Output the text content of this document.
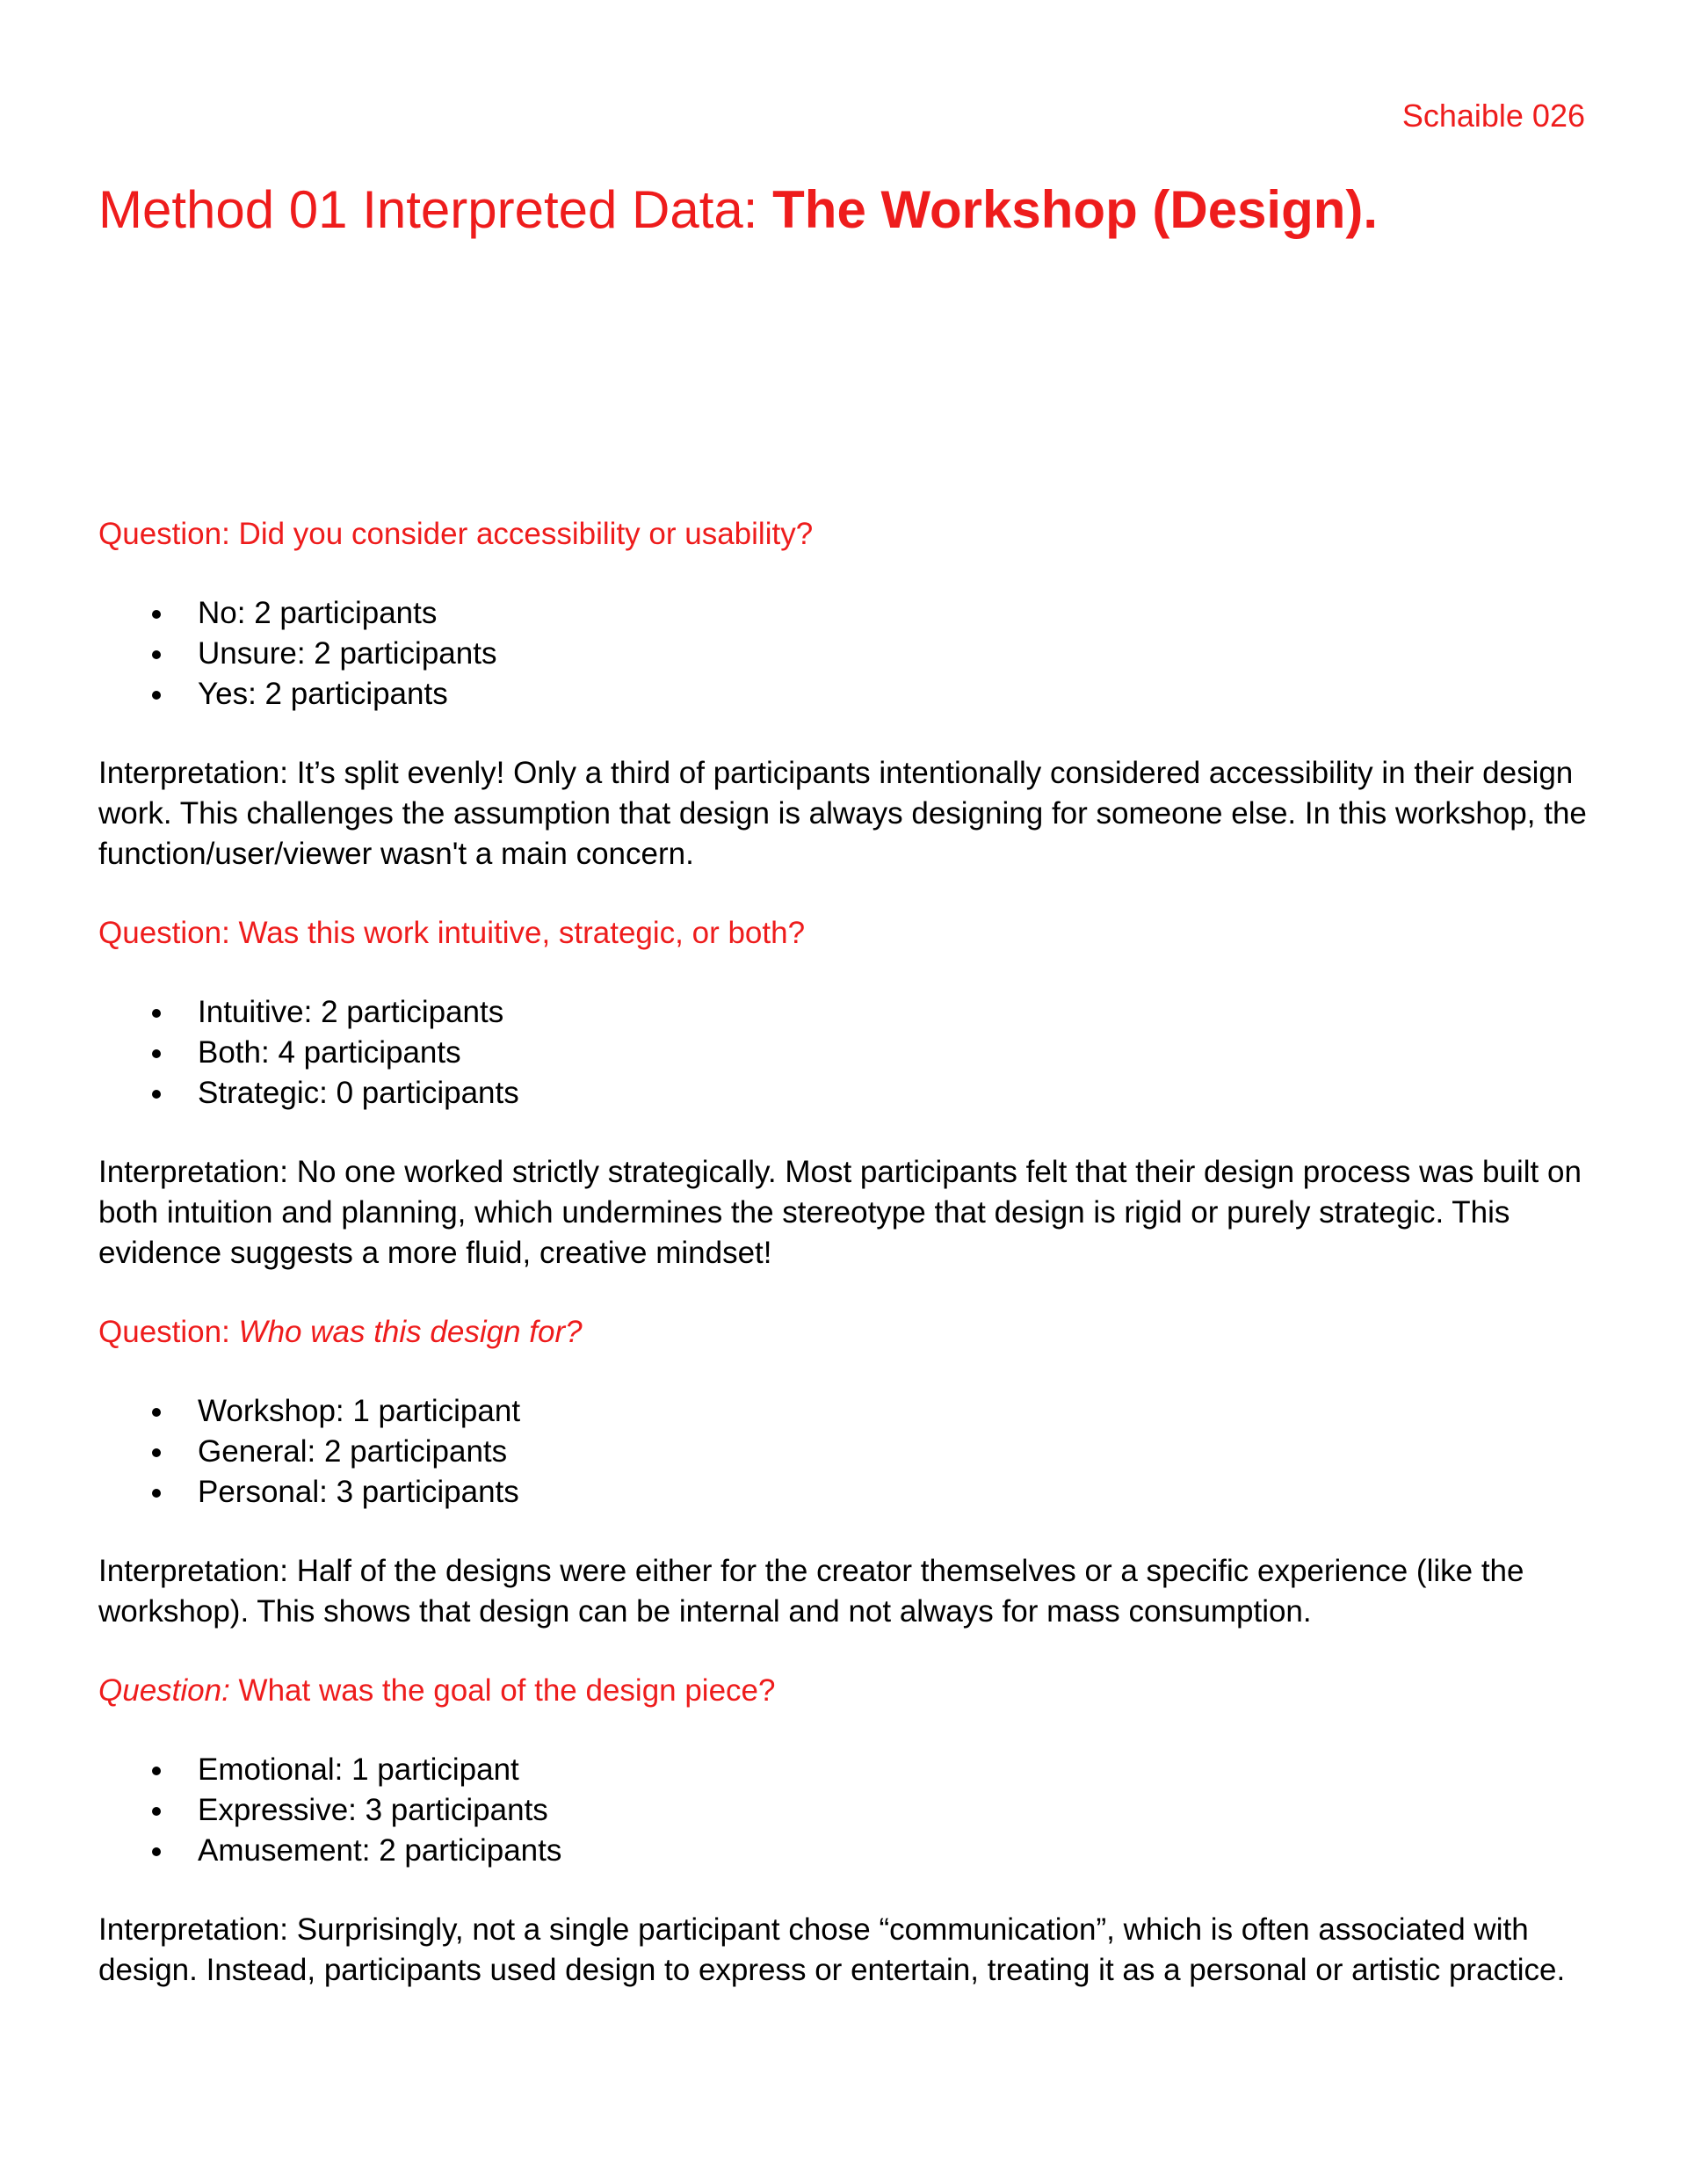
Schaible 026
Method 01 Interpreted Data: The Workshop (Design).
Question: Did you consider accessibility or usability?
No: 2 participants
Unsure: 2 participants
Yes: 2 participants
Interpretation: It’s split evenly! Only a third of participants intentionally considered accessibility in their design work. This challenges the assumption that design is always designing for someone else. In this workshop, the function/user/viewer wasn't a main concern.
Question: Was this work intuitive, strategic, or both?
Intuitive: 2 participants
Both: 4 participants
Strategic: 0 participants
Interpretation: No one worked strictly strategically. Most participants felt that their design process was built on both intuition and planning, which undermines the stereotype that design is rigid or purely strategic. This evidence suggests a more fluid, creative mindset!
Question: Who was this design for?
Workshop: 1 participant
General: 2 participants
Personal: 3 participants
Interpretation: Half of the designs were either for the creator themselves or a specific experience (like the workshop). This shows that design can be internal and not always for mass consumption.
Question: What was the goal of the design piece?
Emotional: 1 participant
Expressive: 3 participants
Amusement: 2 participants
Interpretation: Surprisingly, not a single participant chose “communication”, which is often associated with design. Instead, participants used design to express or entertain, treating it as a personal or artistic practice.
